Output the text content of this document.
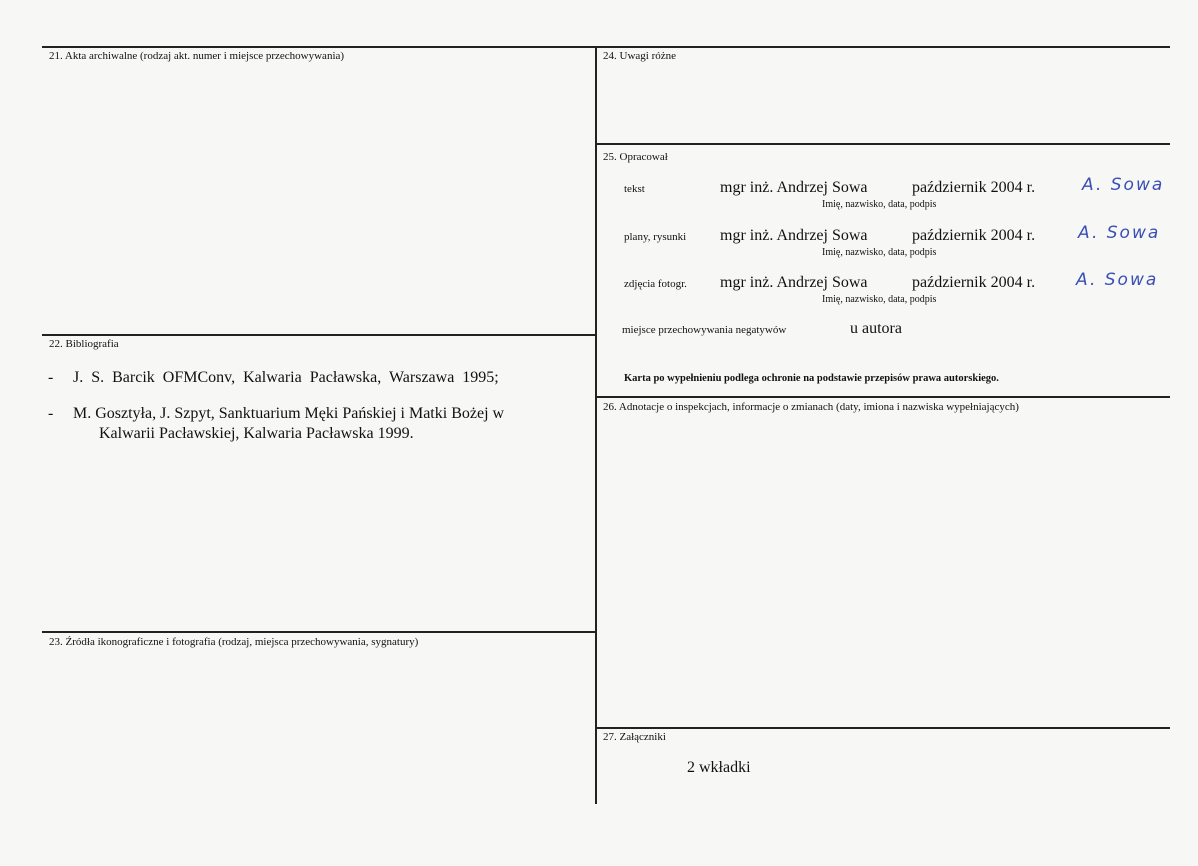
21. Akta archiwalne (rodzaj akt. numer i miejsce przechowywania)
22. Bibliografia
23. Źródła ikonograficzne i fotografia (rodzaj, miejsca przechowywania, sygnatury)
- J. S. Barcik OFMConv, Kalwaria Pacławska, Warszawa 1995;
- M. Gosztyła, J. Szpyt, Sanktuarium Męki Pańskiej i Matki Bożej w
Kalwarii Pacławskiej, Kalwaria Pacławska 1999.
24. Uwagi różne
25. Opracował
26. Adnotacje o inspekcjach, informacje o zmianach (daty, imiona i nazwiska wypełniających)
27. Załączniki
tekst	mgr inż. Andrzej Sowa	październik 2004 r.	A. Sowa
Imię, nazwisko, data, podpis
plany, rysunki mgr inż. Andrzej Sowa	październik 2004 r.	A. Sowa
Imię, nazwisko, data, podpis
zdjęcia fotogr. mgr inż. Andrzej Sowa	październik 2004 r. A. Sowa
Imię, nazwisko, data, podpis
miejsce przechowywania negatywów	u autora
Karta po wypełnieniu podlega ochronie na podstawie przepisów prawa autorskiego.
2 wkładki
